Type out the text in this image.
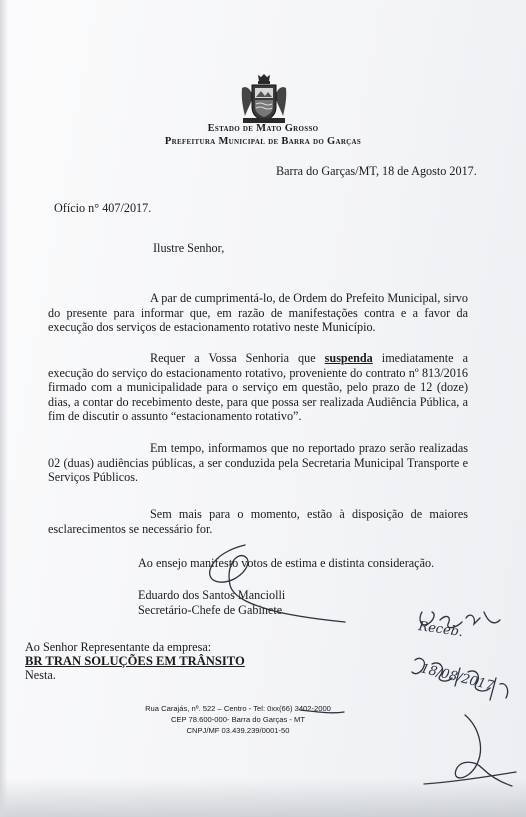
Estado de Mato Grosso
Prefeitura Municipal de Barra do Garças
Barra do Garças/MT, 18 de Agosto 2017.
Ofício n° 407/2017.
Ilustre Senhor,

A par de cumprimentá-lo, de Ordem do Prefeito Municipal, sirvo do presente para informar que, em razão de manifestações contra e a favor da execução dos serviços de estacionamento rotativo neste Município.

Requer a Vossa Senhoria que suspenda imediatamente a execução do serviço do estacionamento rotativo, proveniente do contrato nº 813/2016 firmado com a municipalidade para o serviço em questão, pelo prazo de 12 (doze) dias, a contar do recebimento deste, para que possa ser realizada Audiência Pública, a fim de discutir o assunto “estacionamento rotativo”.

Em tempo, informamos que no reportado prazo serão realizadas 02 (duas) audiências públicas, a ser conduzida pela Secretaria Municipal Transporte e Serviços Públicos.

Sem mais para o momento, estão à disposição de maiores esclarecimentos se necessário for.

Ao ensejo manifesto votos de estima e distinta consideração.
Eduardo dos Santos Manciolli
Secretário-Chefe de Gabinete
Ao Senhor Representante da empresa:
BR TRAN SOLUÇÕES EM TRÂNSITO
Nesta.
Rua Carajás, nº. 522 – Centro - Tel: 0xx(66) 3402-2000
CEP 78.600-000- Barra do Garças - MT
CNPJ/MF 03.439.239/0001-50
Receb.
18/08/2017
